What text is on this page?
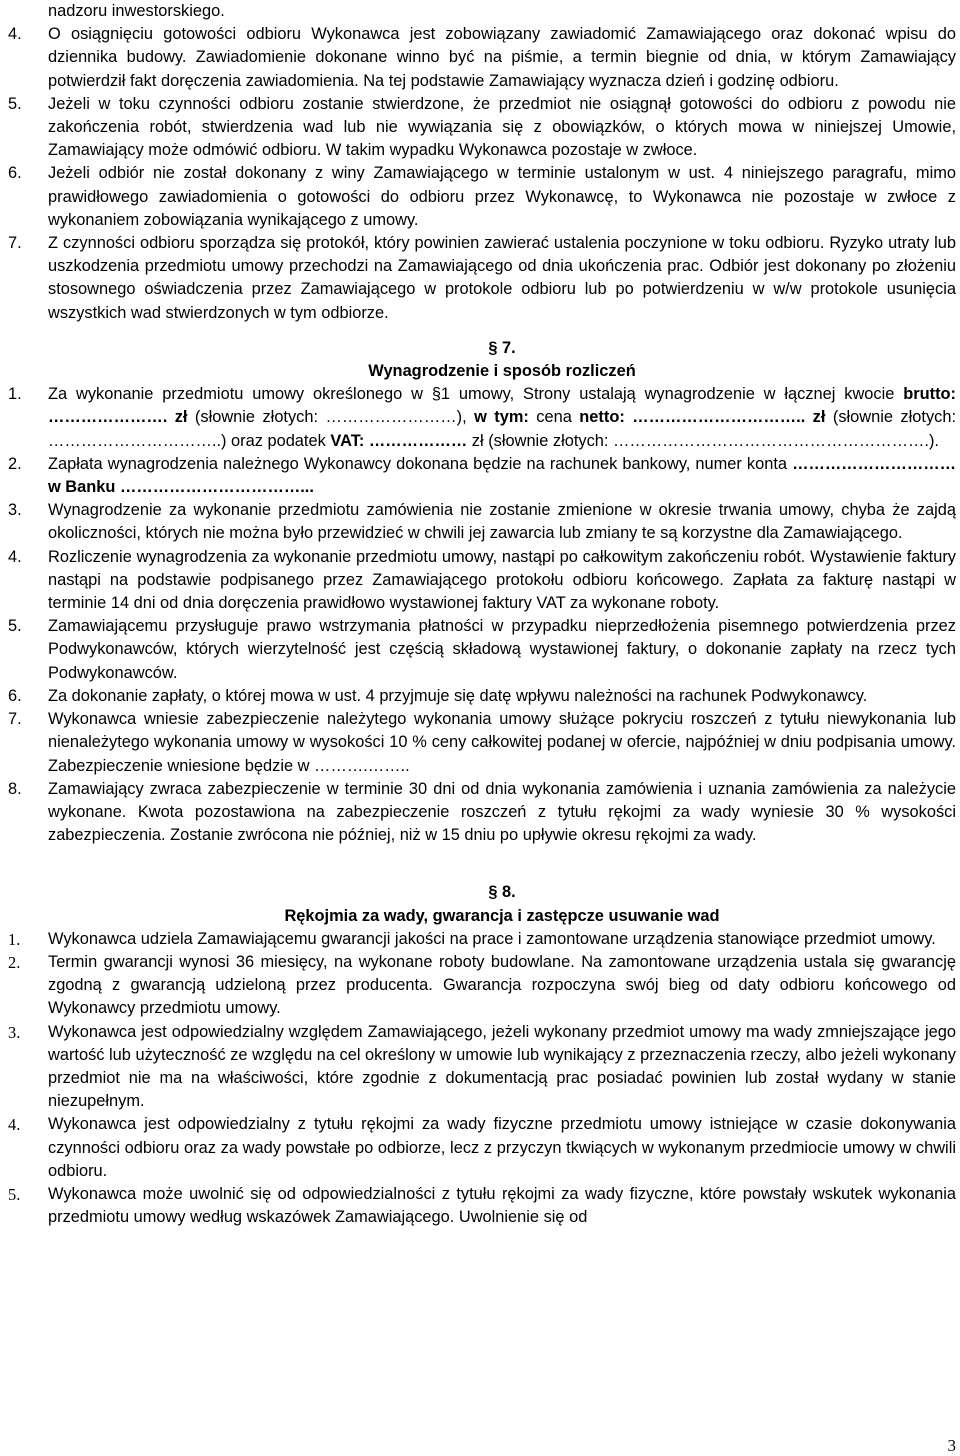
nadzoru inwestorskiego.
4. O osiągnięciu gotowości odbioru Wykonawca jest zobowiązany zawiadomić Zamawiającego oraz dokonać wpisu do dziennika budowy. Zawiadomienie dokonane winno być na piśmie, a termin biegnie od dnia, w którym Zamawiający potwierdził fakt doręczenia zawiadomienia. Na tej podstawie Zamawiający wyznacza dzień i godzinę odbioru.
5. Jeżeli w toku czynności odbioru zostanie stwierdzone, że przedmiot nie osiągnął gotowości do odbioru z powodu nie zakończenia robót, stwierdzenia wad lub nie wywiązania się z obowiązków, o których mowa w niniejszej Umowie, Zamawiający może odmówić odbioru. W takim wypadku Wykonawca pozostaje w zwłoce.
6. Jeżeli odbiór nie został dokonany z winy Zamawiającego w terminie ustalonym w ust. 4 niniejszego paragrafu, mimo prawidłowego zawiadomienia o gotowości do odbioru przez Wykonawcę, to Wykonawca nie pozostaje w zwłoce z wykonaniem zobowiązania wynikającego z umowy.
7. Z czynności odbioru sporządza się protokół, który powinien zawierać ustalenia poczynione w toku odbioru. Ryzyko utraty lub uszkodzenia przedmiotu umowy przechodzi na Zamawiającego od dnia ukończenia prac. Odbiór jest dokonany po złożeniu stosownego oświadczenia przez Zamawiającego w protokole odbioru lub po potwierdzeniu w w/w protokole usunięcia wszystkich wad stwierdzonych w tym odbiorze.
§ 7.
Wynagrodzenie i sposób rozliczeń
1. Za wykonanie przedmiotu umowy określonego w §1 umowy, Strony ustalają wynagrodzenie w łącznej kwocie brutto: …………………. zł (słownie złotych: ……………………), w tym: cena netto: ………………………….. zł (słownie złotych: …………………………..) oraz podatek VAT: ……………… zł (słownie złotych: ………………………………………………….).
2. Zapłata wynagrodzenia należnego Wykonawcy dokonana będzie na rachunek bankowy, numer konta ………………………… w Banku ……………………………...
3. Wynagrodzenie za wykonanie przedmiotu zamówienia nie zostanie zmienione w okresie trwania umowy, chyba że zajdą okoliczności, których nie można było przewidzieć w chwili jej zawarcia lub zmiany te są korzystne dla Zamawiającego.
4. Rozliczenie wynagrodzenia za wykonanie przedmiotu umowy, nastąpi po całkowitym zakończeniu robót. Wystawienie faktury nastąpi na podstawie podpisanego przez Zamawiającego protokołu odbioru końcowego. Zapłata za fakturę nastąpi w terminie 14 dni od dnia doręczenia prawidłowo wystawionej faktury VAT za wykonane roboty.
5. Zamawiającemu przysługuje prawo wstrzymania płatności w przypadku nieprzedłożenia pisemnego potwierdzenia przez Podwykonawców, których wierzytelność jest częścią składową wystawionej faktury, o dokonanie zapłaty na rzecz tych Podwykonawców.
6. Za dokonanie zapłaty, o której mowa w ust. 4 przyjmuje się datę wpływu należności na rachunek Podwykonawcy.
7. Wykonawca wniesie zabezpieczenie należytego wykonania umowy służące pokryciu roszczeń z tytułu niewykonania lub nienależytego wykonania umowy w wysokości 10 % ceny całkowitej podanej w ofercie, najpóźniej w dniu podpisania umowy. Zabezpieczenie wniesione będzie w ……….……..
8. Zamawiający zwraca zabezpieczenie w terminie 30 dni od dnia wykonania zamówienia i uznania zamówienia za należycie wykonane. Kwota pozostawiona na zabezpieczenie roszczeń z tytułu rękojmi za wady wyniesie 30 % wysokości zabezpieczenia. Zostanie zwrócona nie później, niż w 15 dniu po upływie okresu rękojmi za wady.
§ 8.
Rękojmia za wady, gwarancja i zastępcze usuwanie wad
1. Wykonawca udziela Zamawiającemu gwarancji jakości na prace i zamontowane urządzenia stanowiące przedmiot umowy.
2. Termin gwarancji wynosi 36 miesięcy, na wykonane roboty budowlane. Na zamontowane urządzenia ustala się gwarancję zgodną z gwarancją udzieloną przez producenta. Gwarancja rozpoczyna swój bieg od daty odbioru końcowego od Wykonawcy przedmiotu umowy.
3. Wykonawca jest odpowiedzialny względem Zamawiającego, jeżeli wykonany przedmiot umowy ma wady zmniejszające jego wartość lub użyteczność ze względu na cel określony w umowie lub wynikający z przeznaczenia rzeczy, albo jeżeli wykonany przedmiot nie ma na właściwości, które zgodnie z dokumentacją prac posiadać powinien lub został wydany w stanie niezupełnym.
4. Wykonawca jest odpowiedzialny z tytułu rękojmi za wady fizyczne przedmiotu umowy istniejące w czasie dokonywania czynności odbioru oraz za wady powstałe po odbiorze, lecz z przyczyn tkwiących w wykonanym przedmiocie umowy w chwili odbioru.
5. Wykonawca może uwolnić się od odpowiedzialności z tytułu rękojmi za wady fizyczne, które powstały wskutek wykonania przedmiotu umowy według wskazówek Zamawiającego. Uwolnienie się od
3
